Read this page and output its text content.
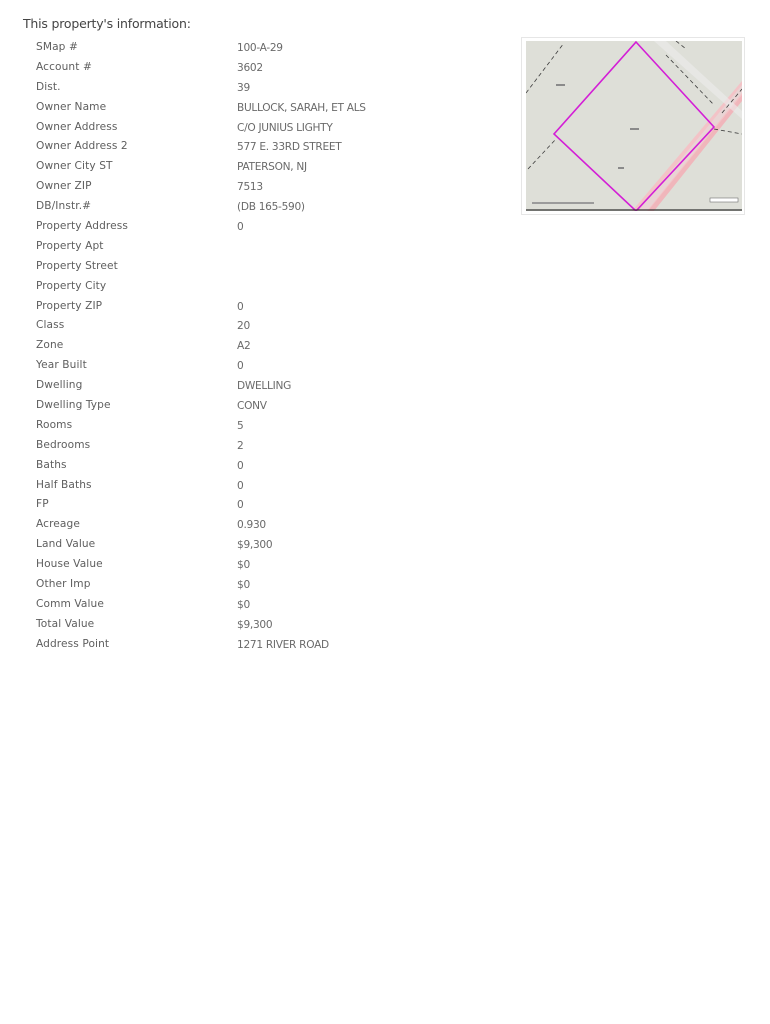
This property's information:
SMap #	100-A-29
Account #	3602
Dist.	39
Owner Name	BULLOCK, SARAH, ET ALS
Owner Address	C/O JUNIUS LIGHTY
Owner Address 2	577 E. 33RD STREET
Owner City ST	PATERSON, NJ
Owner ZIP	7513
DB/Instr.#	(DB 165-590)
Property Address	0
Property Apt
Property Street
Property City
Property ZIP	0
Class	20
Zone	A2
Year Built	0
Dwelling	DWELLING
Dwelling Type	CONV
Rooms	5
Bedrooms	2
Baths	0
Half Baths	0
FP	0
Acreage	0.930
Land Value	$9,300
House Value	$0
Other Imp	$0
Comm Value	$0
Total Value	$9,300
Address Point	1271 RIVER ROAD
